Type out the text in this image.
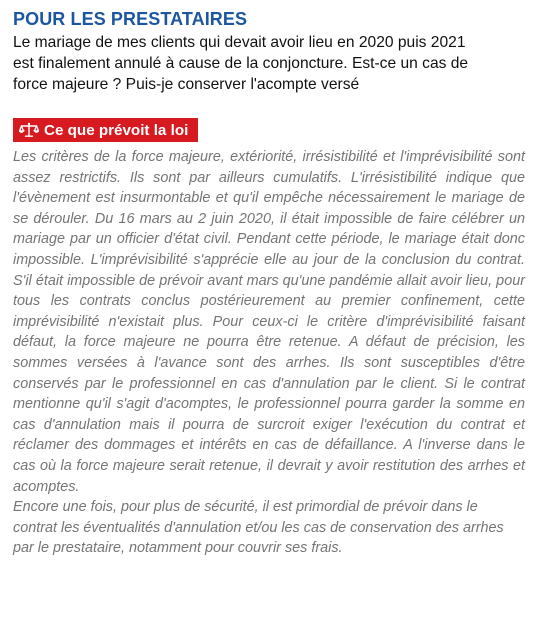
POUR LES PRESTATAIRES
Le mariage de mes clients qui devait avoir lieu en 2020 puis 2021
est finalement annulé à cause de la conjoncture. Est-ce un cas de
force majeure ? Puis-je conserver l'acompte versé
Ce que prévoit la loi

Les critères de la force majeure, extériorité, irrésistibilité et l'imprévisibilité sont assez restrictifs. Ils sont par ailleurs cumulatifs. L'irrésistibilité indique que l'évènement est insurmontable et qu'il empêche nécessairement le mariage de se dérouler. Du 16 mars au 2 juin 2020, il était impossible de faire célébrer un mariage par un officier d'état civil. Pendant cette période, le mariage était donc impossible. L'imprévisibilité s'apprécie elle au jour de la conclusion du contrat. S'il était impossible de prévoir avant mars qu'une pandémie allait avoir lieu, pour tous les contrats conclus postérieurement au premier confinement, cette imprévisibilité n'existait plus. Pour ceux-ci le critère d'imprévisibilité faisant défaut, la force majeure ne pourra être retenue. A défaut de précision, les sommes versées à l'avance sont des arrhes. Ils sont susceptibles d'être conservés par le professionnel en cas d'annulation par le client. Si le contrat mentionne qu'il s'agit d'acomptes, le professionnel pourra garder la somme en cas d'annulation mais il pourra de surcroit exiger l'exécution du contrat et réclamer des dommages et intérêts en cas de défaillance. A l'inverse dans le cas où la force majeure serait retenue, il devrait y avoir restitution des arrhes et acomptes.

Encore une fois, pour plus de sécurité, il est primordial de prévoir dans le contrat les éventualités d'annulation et/ou les cas de conservation des arrhes par le prestataire, notamment pour couvrir ses frais.
